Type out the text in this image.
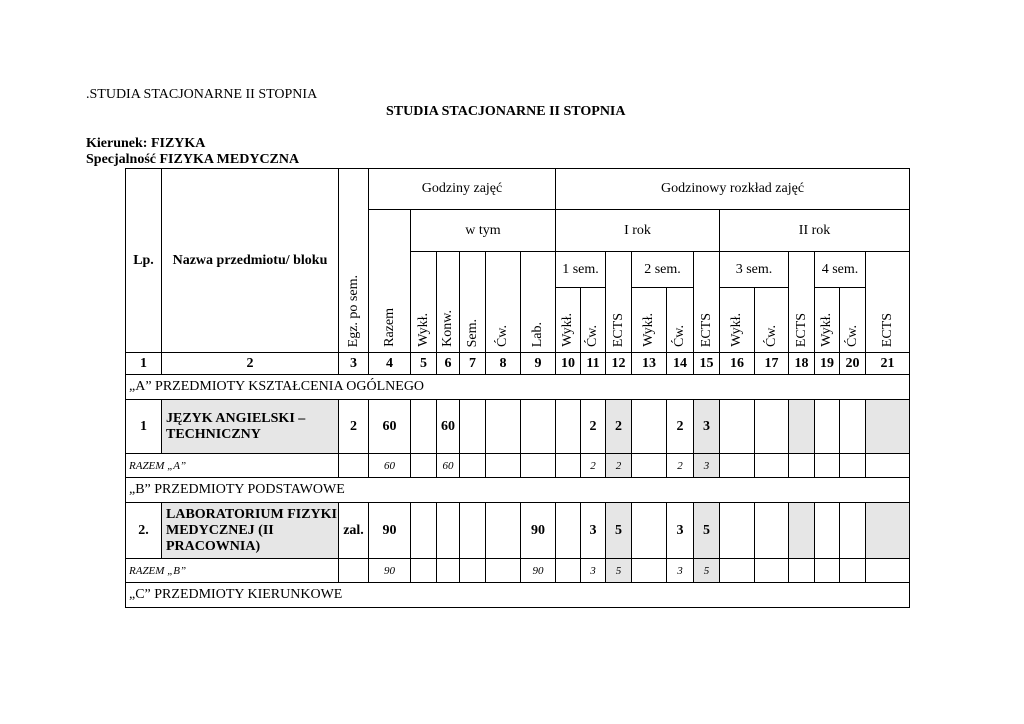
.STUDIA STACJONARNE II STOPNIA
STUDIA STACJONARNE II STOPNIA
Kierunek: FIZYKA
Specjalność FIZYKA MEDYCZNA
Lp.	Nazwa przedmiotu/ bloku	Egz. po sem.	Godziny zajęć						Godzinowy rozkład zajęć											
			Razem	w tym					I rok						II rok					
				Wykł.	Konw.	Sem.	Ćw.	Lab.	1 sem.		ECTS	2 sem.		ECTS	3 sem.		ECTS	4 sem.		ECTS
									Wykł.	Ćw.		Wykł.	Ćw.		Wykł.	Ćw.		Wykł.	Ćw.	
1	2	3	4	5	6	7	8	9	10	11	12	13	14	15	16	17	18	19	20	21
„A” PRZEDMIOTY KSZTAŁCENIA OGÓLNEGO																				
1	JĘZYK ANGIELSKI – TECHNICZNY	2	60		60					2	2		2	3						
RAZEM „A”			60		60					2	2		2	3						
„B” PRZEDMIOTY PODSTAWOWE																				
2.	LABORATORIUM FIZYKI MEDYCZNEJ (II PRACOWNIA)	zal.	90					90		3	5		3	5						
RAZEM „B”			90					90		3	5		3	5						
„C” PRZEDMIOTY KIERUNKOWE																				
